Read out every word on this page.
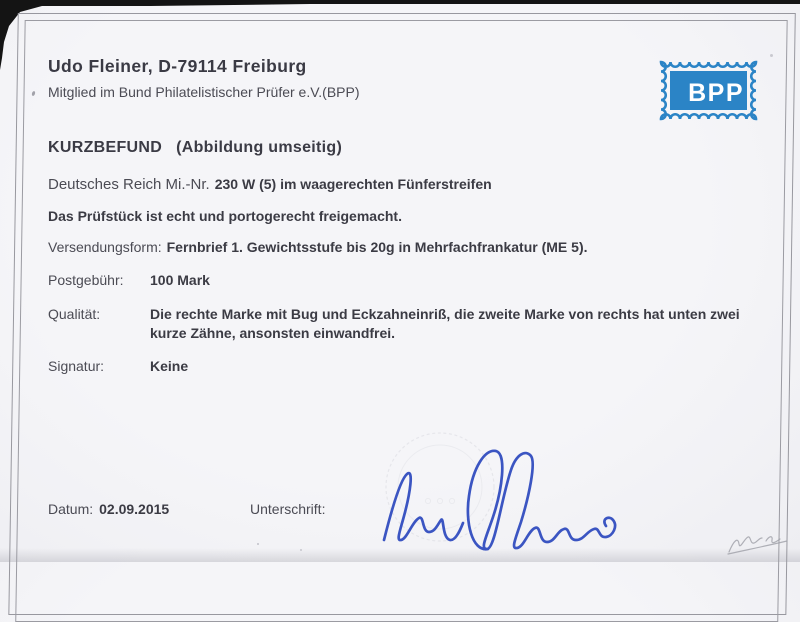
Udo Fleiner, D-79114 Freiburg
Mitglied im Bund Philatelistischer Prüfer e.V.(BPP)	BPP
KURZBEFUND (Abbildung umseitig)
Deutsches Reich Mi.-Nr. 230 W (5) im waagerechten Fünferstreifen
Das Prüfstück ist echt und portogerecht freigemacht.
Versendungsform: Fernbrief 1. Gewichtsstufe bis 20g in Mehrfachfrankatur (ME 5).
Postgebühr: 100 Mark
Qualität:	Die rechte Marke mit Bug und Eckzahneinriß, die zweite Marke von rechts hat unten zwei
kurze Zähne, ansonsten einwandfrei.
Signatur:	Keine
Datum: 02.09.2015	Unterschrift:
